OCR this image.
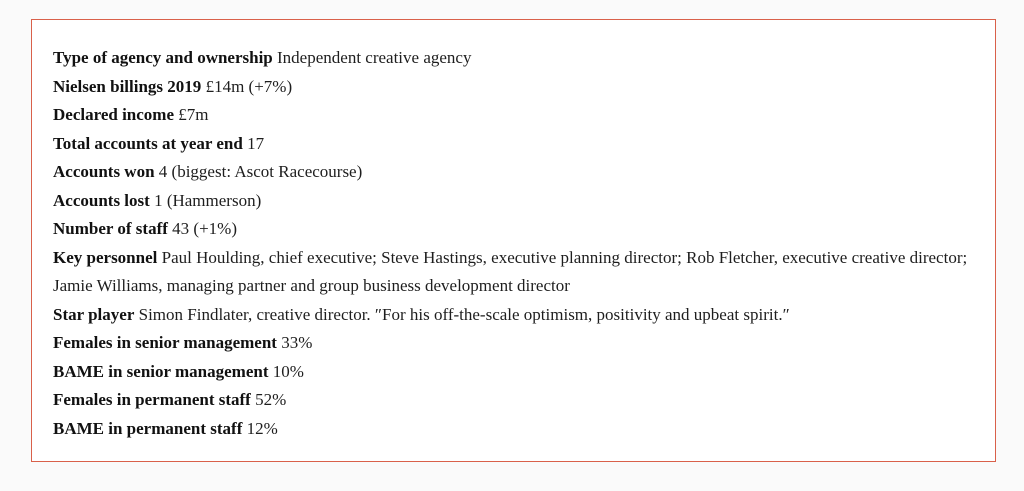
Type of agency and ownership Independent creative agency

Nielsen billings 2019 £14m (+7%)

Declared income £7m

Total accounts at year end 17

Accounts won 4 (biggest: Ascot Racecourse)

Accounts lost 1 (Hammerson)

Number of staff 43 (+1%)

Key personnel Paul Houlding, chief executive; Steve Hastings, executive planning director; Rob Fletcher, executive creative director; Jamie Williams, managing partner and group business development director

Star player Simon Findlater, creative director. ″For his off-the-scale optimism, positivity and upbeat spirit.″

Females in senior management 33%

BAME in senior management 10%

Females in permanent staff 52%

BAME in permanent staff 12%
